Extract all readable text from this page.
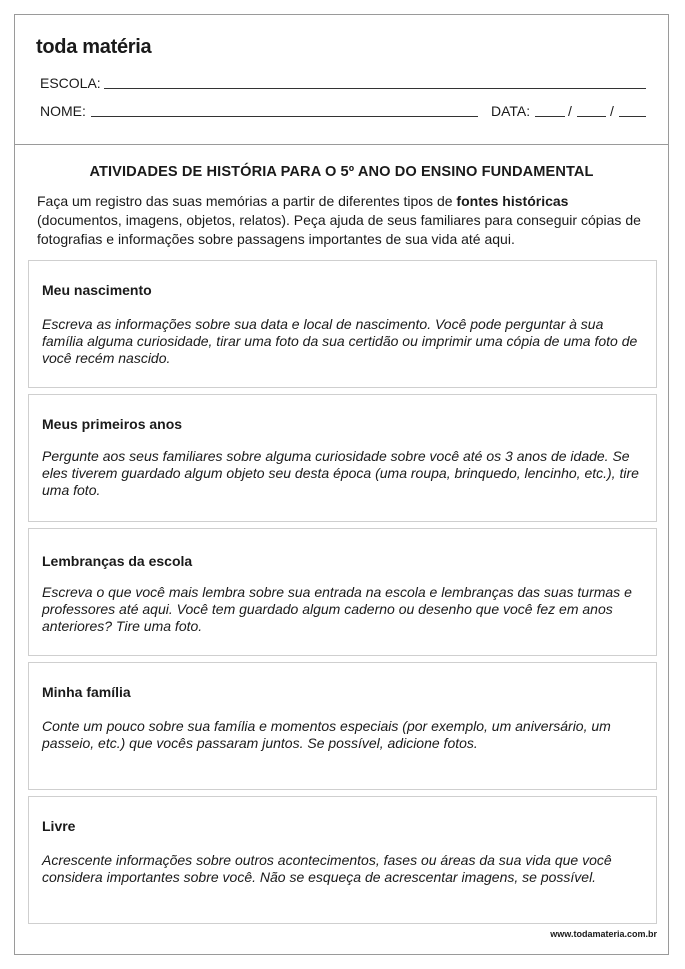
toda matéria
ESCOLA:
NOME:	DATA:	/	/
ATIVIDADES DE HISTÓRIA PARA O 5º ANO DO ENSINO FUNDAMENTAL
Faça um registro das suas memórias a partir de diferentes tipos de fontes históricas (documentos, imagens, objetos, relatos). Peça ajuda de seus familiares para conseguir cópias de fotografias e informações sobre passagens importantes de sua vida até aqui.
Meu nascimento
Escreva as informações sobre sua data e local de nascimento. Você pode perguntar à sua família alguma curiosidade, tirar uma foto da sua certidão ou imprimir uma cópia de uma foto de você recém nascido.
Meus primeiros anos
Pergunte aos seus familiares sobre alguma curiosidade sobre você até os 3 anos de idade. Se eles tiverem guardado algum objeto seu desta época (uma roupa, brinquedo, lencinho, etc.), tire uma foto.
Lembranças da escola
Escreva o que você mais lembra sobre sua entrada na escola e lembranças das suas turmas e professores até aqui. Você tem guardado algum caderno ou desenho que você fez em anos anteriores? Tire uma foto.
Minha família
Conte um pouco sobre sua família e momentos especiais (por exemplo, um aniversário, um passeio, etc.) que vocês passaram juntos. Se possível, adicione fotos.
Livre
Acrescente informações sobre outros acontecimentos, fases ou áreas da sua vida que você considera importantes sobre você. Não se esqueça de acrescentar imagens, se possível.
www.todamateria.com.br
